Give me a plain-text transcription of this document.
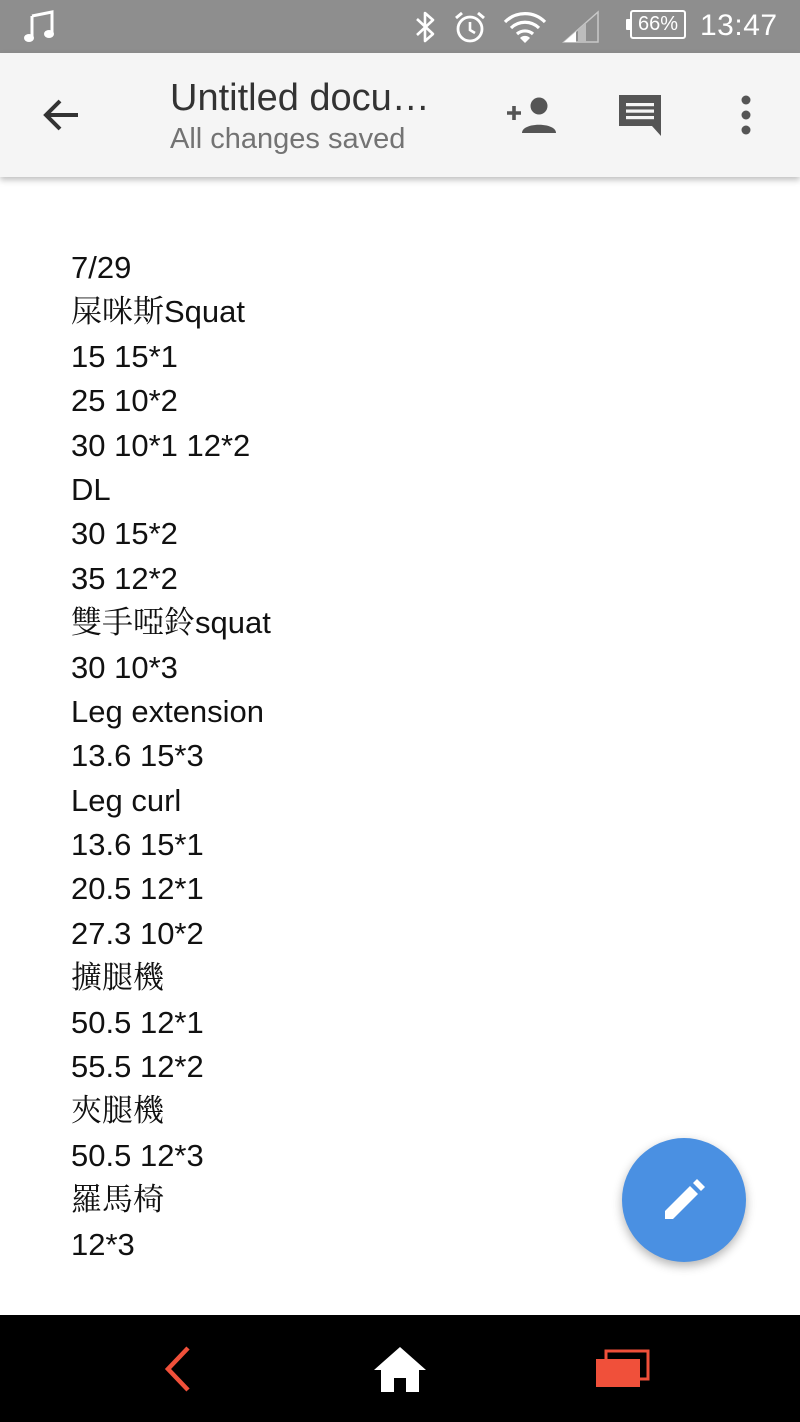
66% 13:47
Untitled docu…
All changes saved
7/29
屎咪斯Squat
15 15*1
25 10*2
30 10*1 12*2
DL
30 15*2
35 12*2
雙手啞鈴squat
30 10*3
Leg extension
13.6 15*3
Leg curl
13.6 15*1
20.5 12*1
27.3 10*2
擴腿機
50.5 12*1
55.5 12*2
夾腿機
50.5 12*3
羅馬椅
12*3
